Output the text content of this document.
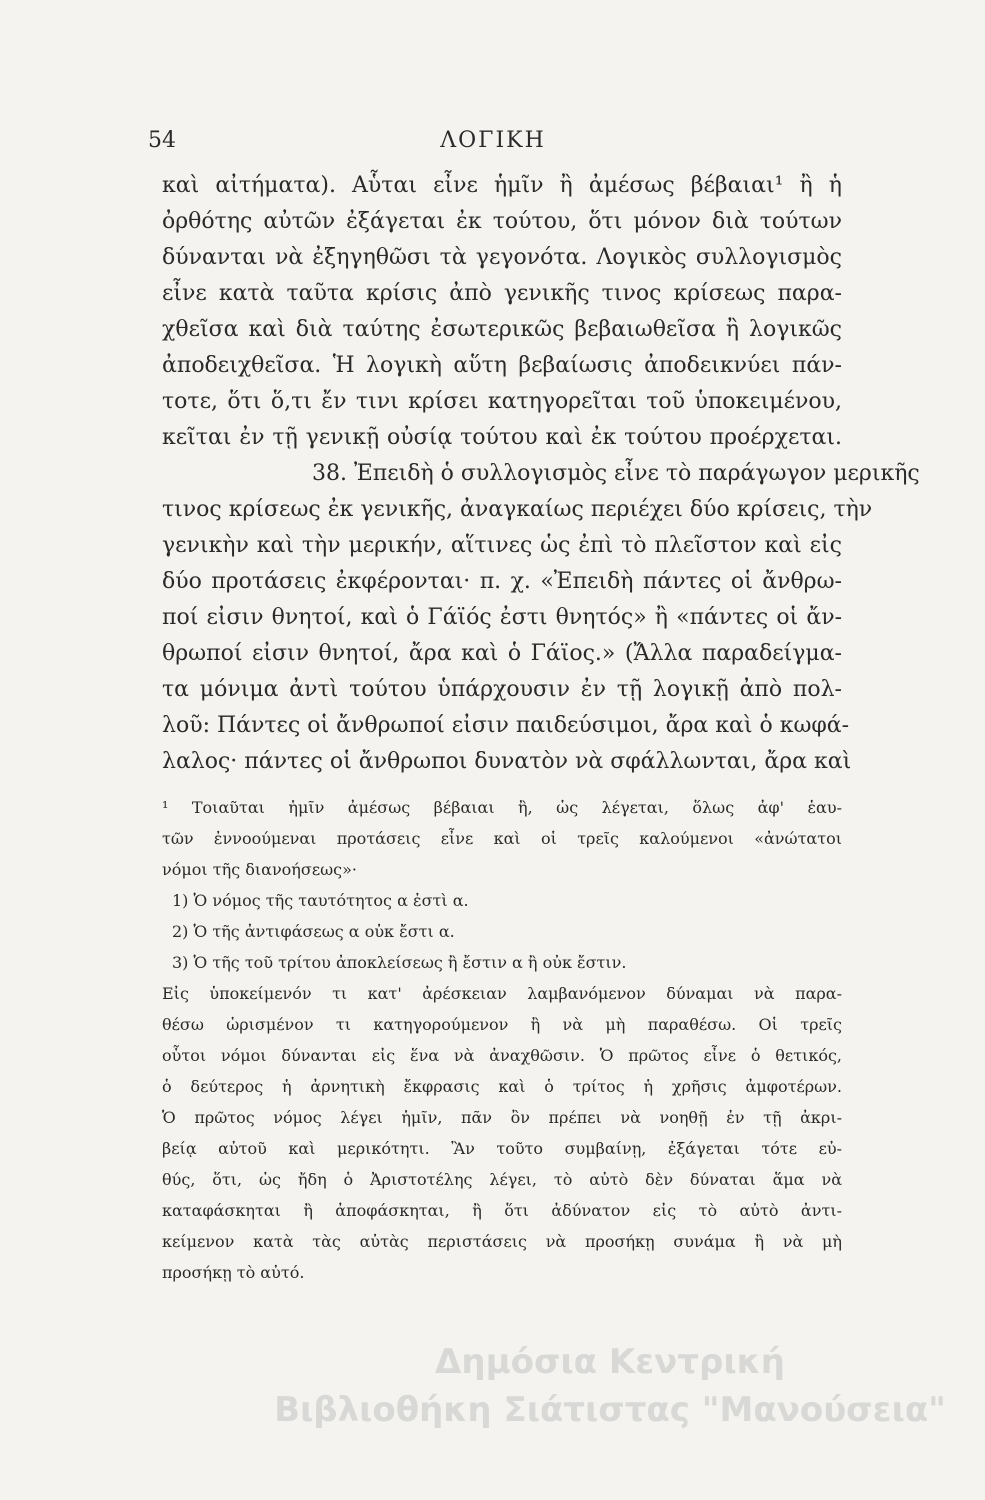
54	ΛΟΓΙΚΗ
καὶ αἰτήματα). Αὗται εἶνε ἡμῖν ἢ ἀμέσως βέβαιαι¹ ἢ ἡ
ὀρθότης αὐτῶν ἐξάγεται ἐκ τούτου, ὅτι μόνον διὰ τούτων
δύνανται νὰ ἐξηγηθῶσι τὰ γεγονότα. Λογικὸς συλλογισμὸς
εἶνε κατὰ ταῦτα κρίσις ἀπὸ γενικῆς τινος κρίσεως παρα-
χθεῖσα καὶ διὰ ταύτης ἐσωτερικῶς βεβαιωθεῖσα ἢ λογικῶς
ἀποδειχθεῖσα. Ἡ λογικὴ αὕτη βεβαίωσις ἀποδεικνύει πάν-
τοτε, ὅτι ὅ,τι ἔν τινι κρίσει κατηγορεῖται τοῦ ὑποκειμένου,
κεῖται ἐν τῇ γενικῇ οὐσίᾳ τούτου καὶ ἐκ τούτου προέρχεται.
38. Ἐπειδὴ ὁ συλλογισμὸς εἶνε τὸ παράγωγον μερικῆς
τινος κρίσεως ἐκ γενικῆς, ἀναγκαίως περιέχει δύο κρίσεις, τὴν
γενικὴν καὶ τὴν μερικήν, αἵτινες ὡς ἐπὶ τὸ πλεῖστον καὶ εἰς
δύο προτάσεις ἐκφέρονται· π. χ. «Ἐπειδὴ πάντες οἱ ἄνθρω-
ποί εἰσιν θνητοί, καὶ ὁ Γάϊός ἐστι θνητός» ἢ «πάντες οἱ ἄν-
θρωποί εἰσιν θνητοί, ἄρα καὶ ὁ Γάϊος.» (Ἄλλα παραδείγμα-
τα μόνιμα ἀντὶ τούτου ὑπάρχουσιν ἐν τῇ λογικῇ ἀπὸ πολ-
λοῦ: Πάντες οἱ ἄνθρωποί εἰσιν παιδεύσιμοι, ἄρα καὶ ὁ κωφά-
λαλος· πάντες οἱ ἄνθρωποι δυνατὸν νὰ σφάλλωνται, ἄρα καὶ
¹ Τοιαῦται ἡμῖν ἀμέσως βέβαιαι ἢ, ὡς λέγεται, ὅλως ἀφ' ἑαυ-
τῶν ἐννοούμεναι προτάσεις εἶνε καὶ οἱ τρεῖς καλούμενοι «ἀνώτατοι
νόμοι τῆς διανοήσεως»·
1) Ὁ νόμος τῆς ταυτότητος α ἐστὶ α.
2) Ὁ τῆς ἀντιφάσεως α οὐκ ἔστι α.
3) Ὁ τῆς τοῦ τρίτου ἀποκλείσεως ἢ ἔστιν α ἢ οὐκ ἔστιν.
Εἰς ὑποκείμενόν τι κατ' ἀρέσκειαν λαμβανόμενον δύναμαι νὰ παρα-
θέσω ὡρισμένον τι κατηγορούμενον ἢ νὰ μὴ παραθέσω. Οἱ τρεῖς
οὗτοι νόμοι δύνανται εἰς ἕνα νὰ ἀναχθῶσιν. Ὁ πρῶτος εἶνε ὁ θετικός,
ὁ δεύτερος ἡ ἀρνητικὴ ἔκφρασις καὶ ὁ τρίτος ἡ χρῆσις ἀμφοτέρων.
Ὁ πρῶτος νόμος λέγει ἡμῖν, πᾶν ὂν πρέπει νὰ νοηθῇ ἐν τῇ ἀκρι-
βείᾳ αὐτοῦ καὶ μερικότητι. Ἂν τοῦτο συμβαίνῃ, ἐξάγεται τότε εὐ-
θύς, ὅτι, ὡς ἤδη ὁ Ἀριστοτέλης λέγει, τὸ αὐτὸ δὲν δύναται ἅμα νὰ
καταφάσκηται ἢ ἀποφάσκηται, ἢ ὅτι ἀδύνατον εἰς τὸ αὐτὸ ἀντι-
κείμενον κατὰ τὰς αὐτὰς περιστάσεις νὰ προσήκῃ συνάμα ἢ νὰ μὴ
προσήκῃ τὸ αὐτό.
Δημόσια Κεντρική
Βιβλιοθήκη Σιάτιστας "Μανούσεια"
